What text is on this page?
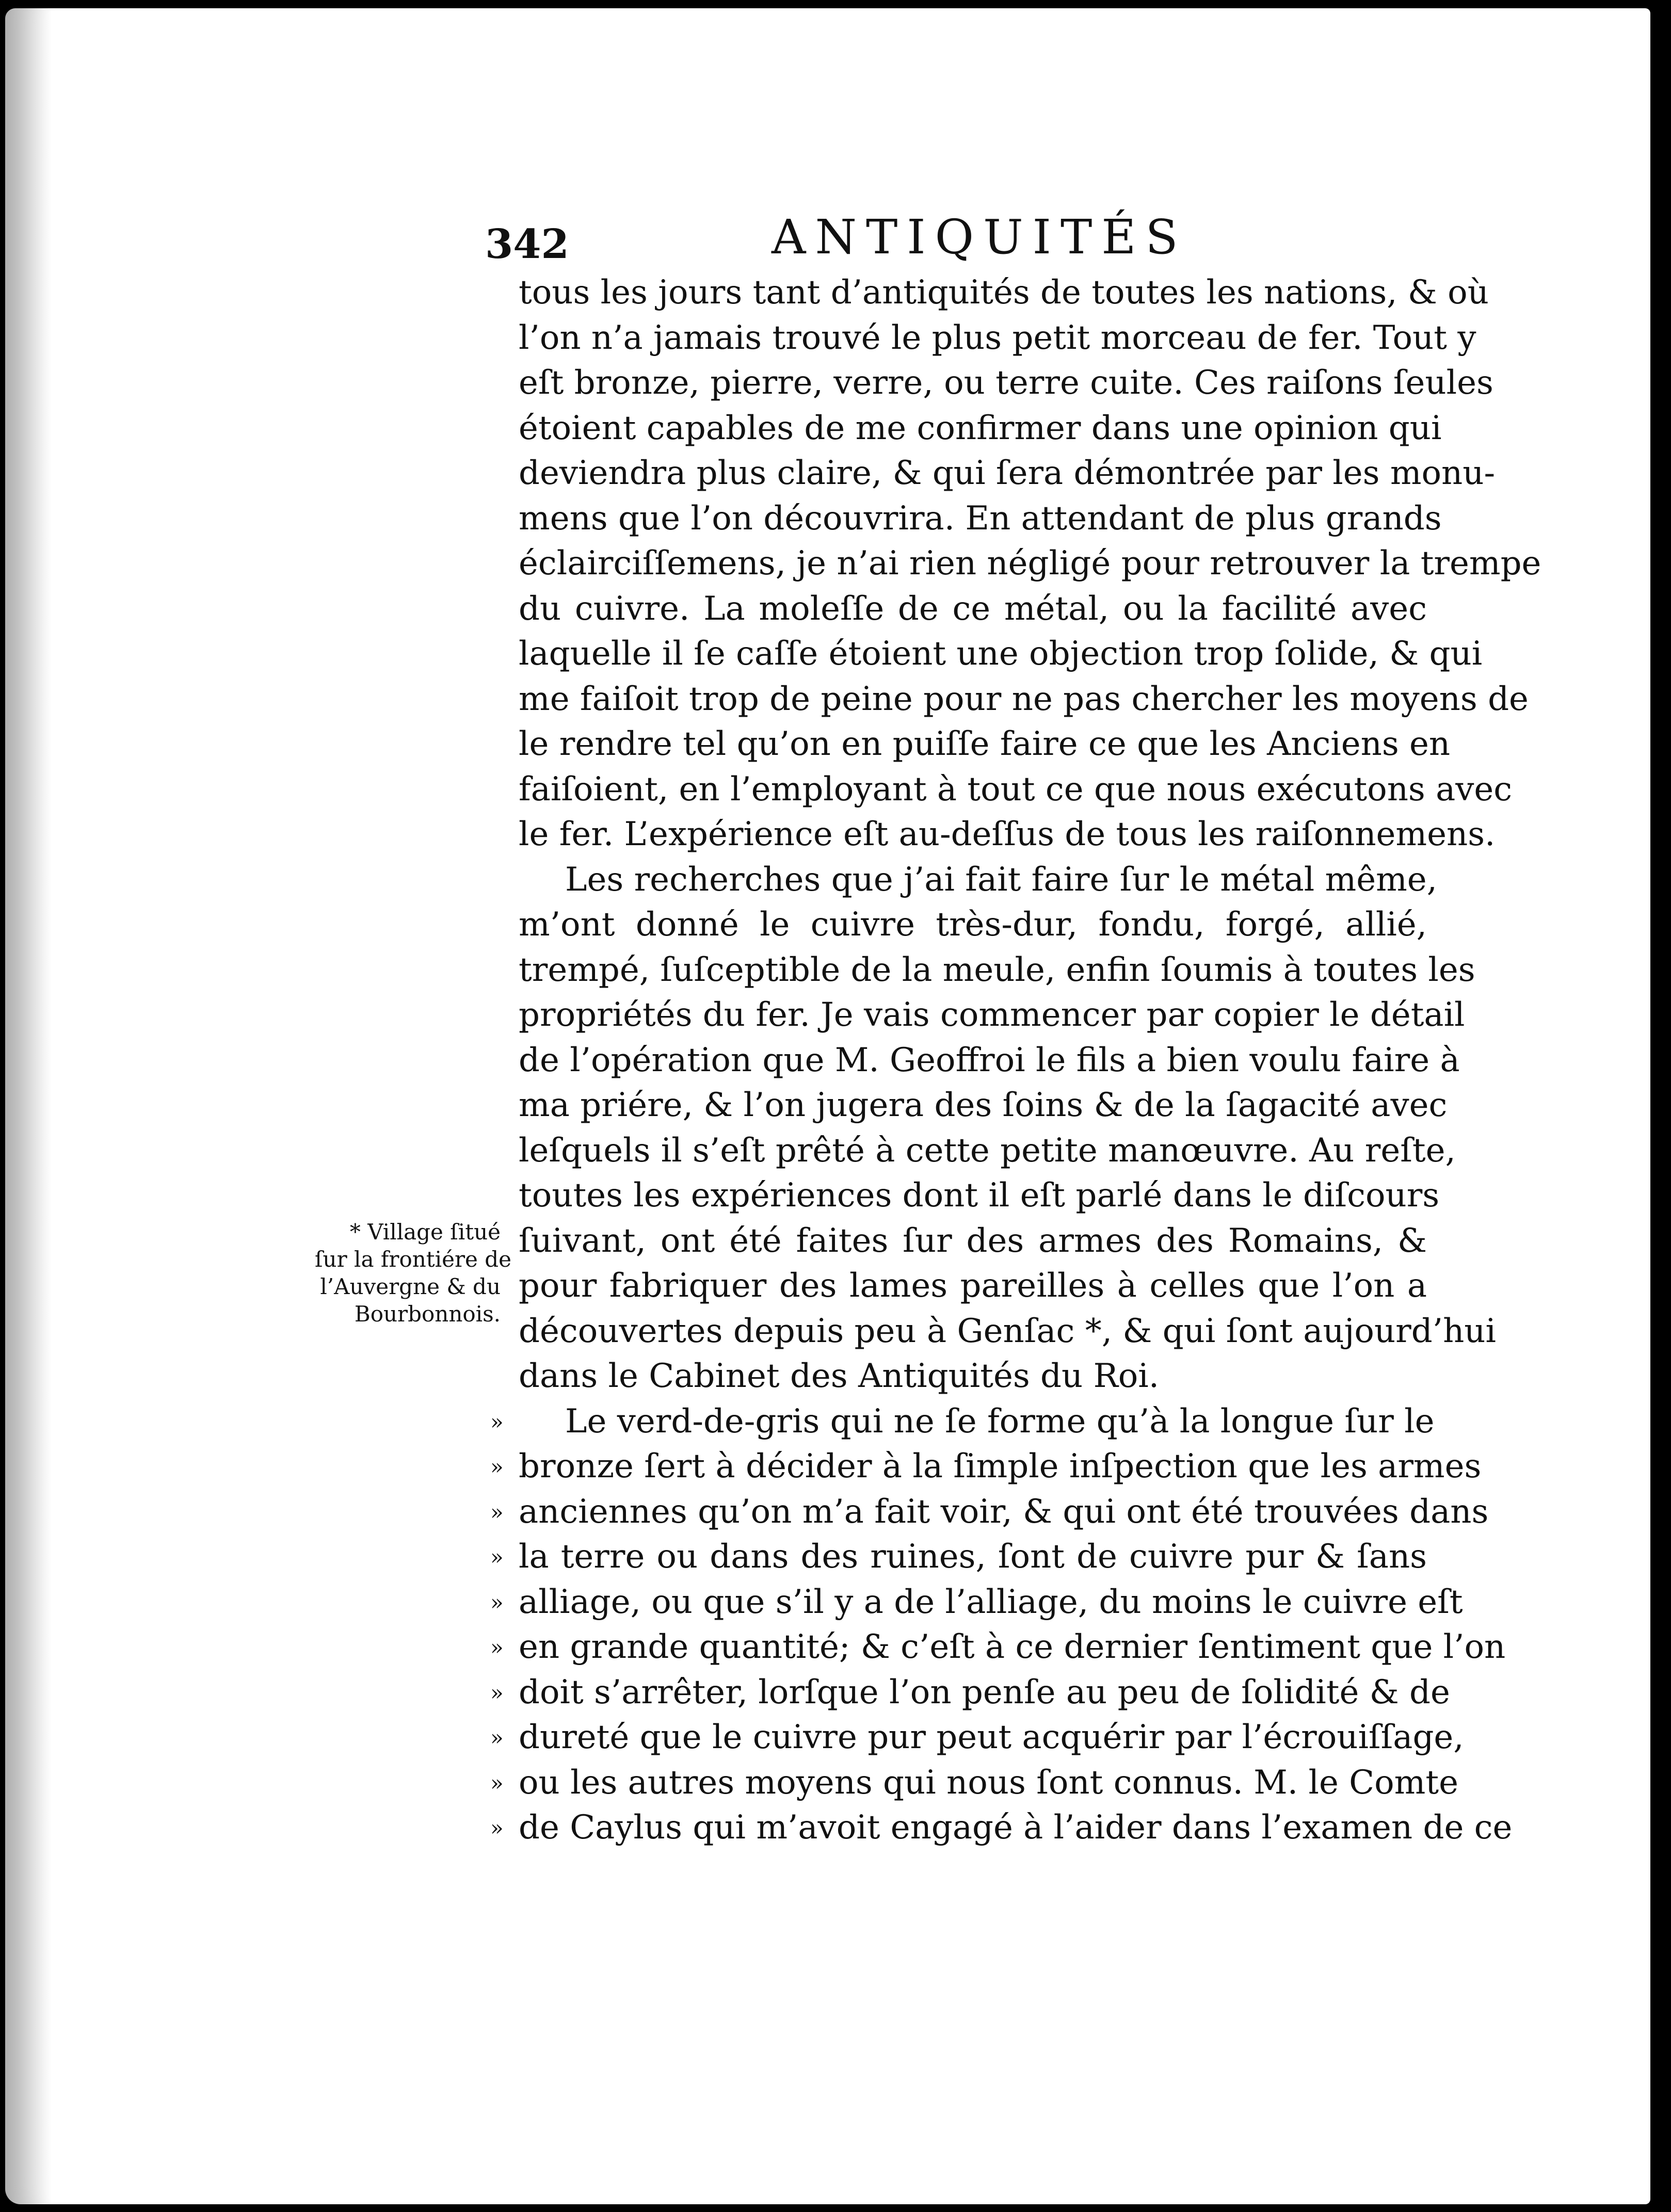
342	ANTIQUITÉS
* Village ſitué
ſur la frontiére de
l’Auvergne & du
Bourbonnois.
tous les jours tant d’antiquités de toutes les nations, & où
l’on n’a jamais trouvé le plus petit morceau de fer. Tout y
eſt bronze, pierre, verre, ou terre cuite. Ces raiſons ſeules
étoient capables de me confirmer dans une opinion qui
deviendra plus claire, & qui ſera démontrée par les monu-
mens que l’on découvrira. En attendant de plus grands
éclairciſſemens, je n’ai rien négligé pour retrouver la trempe
du cuivre. La moleſſe de ce métal, ou la facilité avec
laquelle il ſe caſſe étoient une objection trop ſolide, & qui
me faiſoit trop de peine pour ne pas chercher les moyens de
le rendre tel qu’on en puiſſe faire ce que les Anciens en
faiſoient, en l’employant à tout ce que nous exécutons avec
le fer. L’expérience eſt au-deſſus de tous les raiſonnemens.
Les recherches que j’ai fait faire ſur le métal même,
m’ont donné le cuivre très-dur, fondu, forgé, allié,
trempé, ſuſceptible de la meule, enfin ſoumis à toutes les
propriétés du fer. Je vais commencer par copier le détail
de l’opération que M. Geoffroi le fils a bien voulu faire à
ma priére, & l’on jugera des ſoins & de la ſagacité avec
leſquels il s’eſt prêté à cette petite manœuvre. Au reſte,
toutes les expériences dont il eſt parlé dans le diſcours
ſuivant, ont été faites ſur des armes des Romains, &
pour fabriquer des lames pareilles à celles que l’on a
découvertes depuis peu à Genſac *, & qui ſont aujourd’hui
dans le Cabinet des Antiquités du Roi.
» Le verd-de-gris qui ne ſe forme qu’à la longue ſur le
» bronze ſert à décider à la ſimple inſpection que les armes
» anciennes qu’on m’a fait voir, & qui ont été trouvées dans
» la terre ou dans des ruines, ſont de cuivre pur & ſans
» alliage, ou que s’il y a de l’alliage, du moins le cuivre eſt
» en grande quantité; & c’eſt à ce dernier ſentiment que l’on
» doit s’arrêter, lorſque l’on penſe au peu de ſolidité & de
» dureté que le cuivre pur peut acquérir par l’écrouiſſage,
» ou les autres moyens qui nous ſont connus. M. le Comte
» de Caylus qui m’avoit engagé à l’aider dans l’examen de ce
